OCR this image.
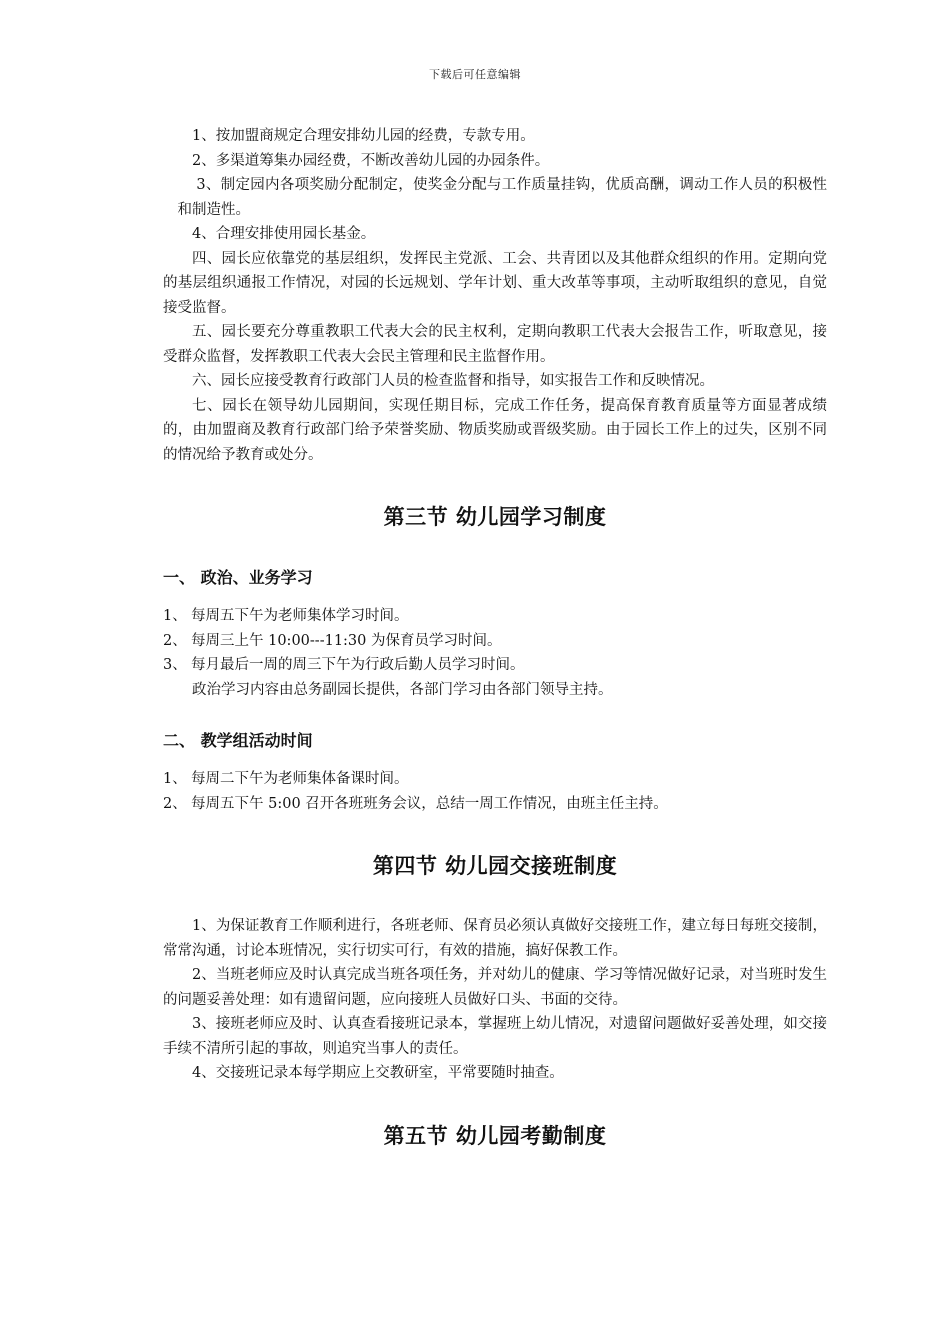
下载后可任意编辑

1、按加盟商规定合理安排幼儿园的经费，专款专用。

2、多渠道筹集办园经费，不断改善幼儿园的办园条件。

3、制定园内各项奖励分配制定，使奖金分配与工作质量挂钩，优质高酬，调动工作人员的积极性和制造性。

4、合理安排使用园长基金。

四、园长应依靠党的基层组织，发挥民主党派、工会、共青团以及其他群众组织的作用。定期向党的基层组织通报工作情况，对园的长远规划、学年计划、重大改革等事项，主动听取组织的意见，自觉接受监督。

五、园长要充分尊重教职工代表大会的民主权利，定期向教职工代表大会报告工作，听取意见，接受群众监督，发挥教职工代表大会民主管理和民主监督作用。

六、园长应接受教育行政部门人员的检查监督和指导，如实报告工作和反映情况。

七、园长在领导幼儿园期间，实现任期目标，完成工作任务，提高保育教育质量等方面显著成绩的，由加盟商及教育行政部门给予荣誉奖励、物质奖励或晋级奖励。由于园长工作上的过失，区别不同的情况给予教育或处分。

第三节 幼儿园学习制度
一、 政治、业务学习

1、 每周五下午为老师集体学习时间。

2、 每周三上午 10:00---11:30 为保育员学习时间。

3、 每月最后一周的周三下午为行政后勤人员学习时间。

政治学习内容由总务副园长提供，各部门学习由各部门领导主持。

二、 教学组活动时间

1、 每周二下午为老师集体备课时间。

2、 每周五下午 5:00 召开各班班务会议，总结一周工作情况，由班主任主持。

第四节 幼儿园交接班制度

1、为保证教育工作顺利进行，各班老师、保育员必须认真做好交接班工作，建立每日每班交接制，常常沟通，讨论本班情况，实行切实可行，有效的措施，搞好保教工作。

2、当班老师应及时认真完成当班各项任务，并对幼儿的健康、学习等情况做好记录，对当班时发生的问题妥善处理：如有遗留问题，应向接班人员做好口头、书面的交待。

3、接班老师应及时、认真查看接班记录本，掌握班上幼儿情况，对遗留问题做好妥善处理，如交接手续不清所引起的事故，则追究当事人的责任。

4、交接班记录本每学期应上交教研室，平常要随时抽查。

第五节 幼儿园考勤制度
